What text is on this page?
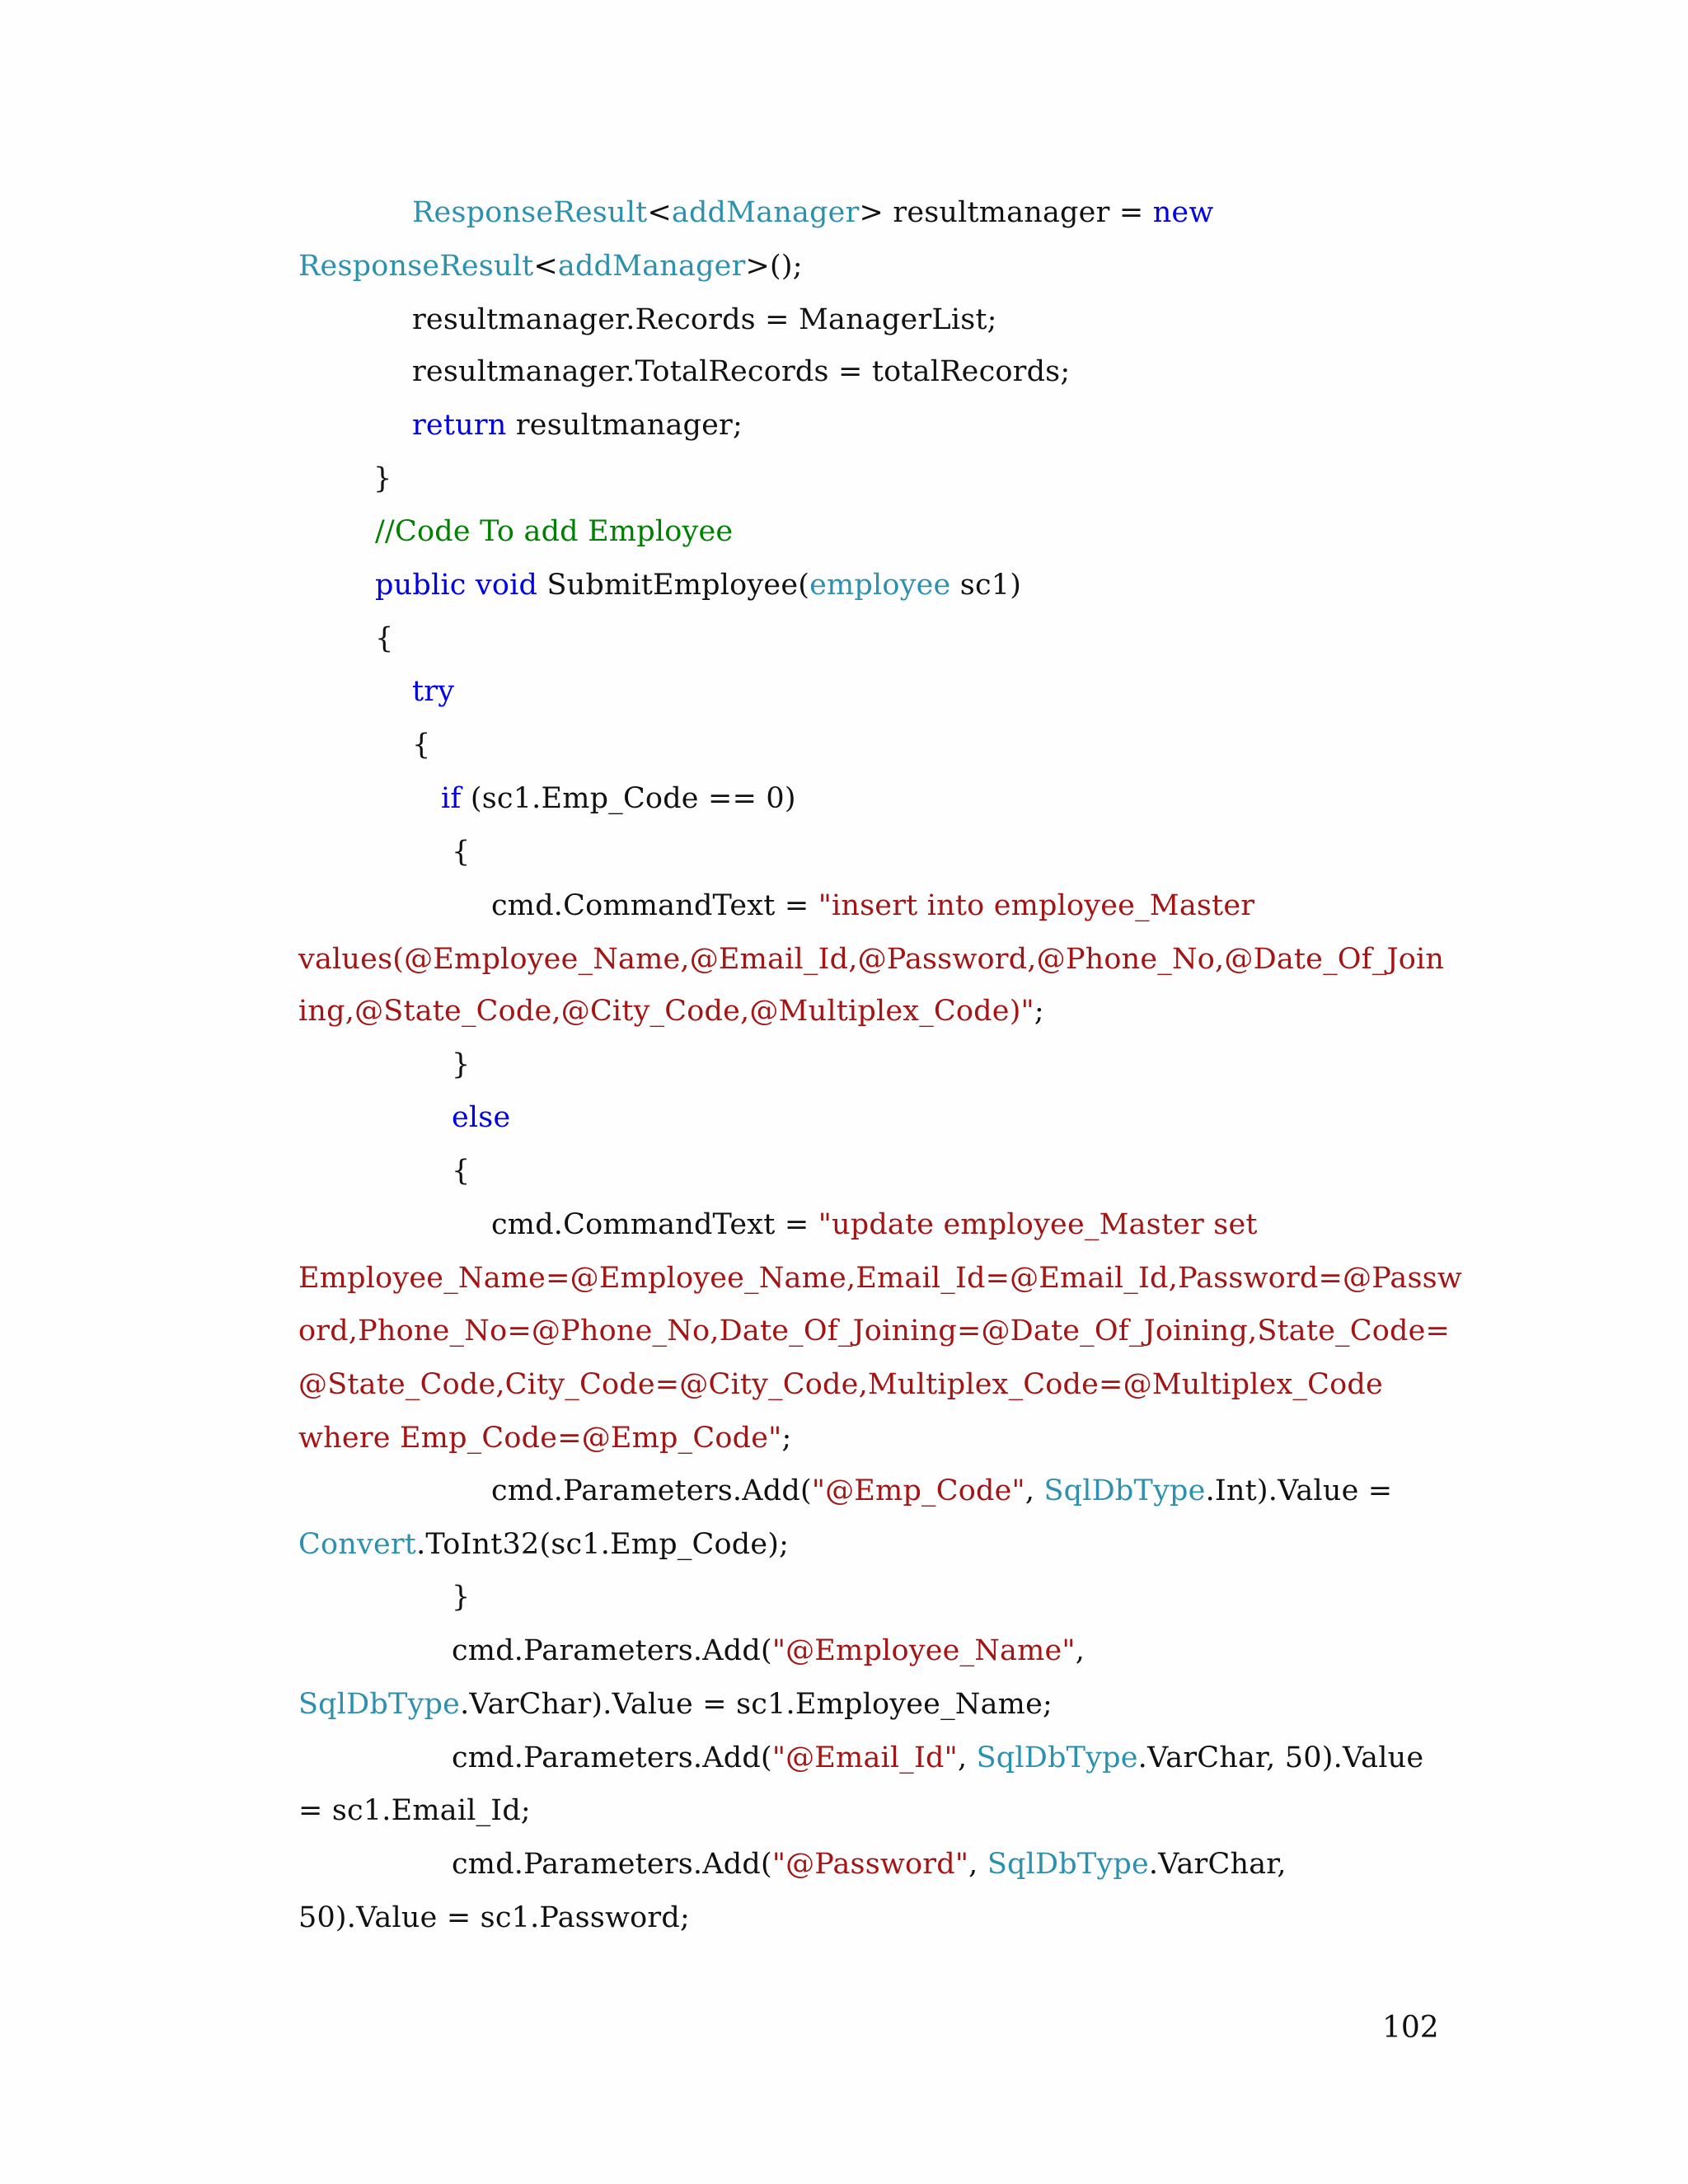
ResponseResult<addManager> resultmanager = new
ResponseResult<addManager>();
resultmanager.Records = ManagerList;
resultmanager.TotalRecords = totalRecords;
return resultmanager;
}
//Code To add Employee
public void SubmitEmployee(employee sc1)
{
try
{
if (sc1.Emp_Code == 0)
{
cmd.CommandText = "insert into employee_Master
values(@Employee_Name,@Email_Id,@Password,@Phone_No,@Date_Of_Join
ing,@State_Code,@City_Code,@Multiplex_Code)";
}
else
{
cmd.CommandText = "update employee_Master set
Employee_Name=@Employee_Name,Email_Id=@Email_Id,Password=@Passw
ord,Phone_No=@Phone_No,Date_Of_Joining=@Date_Of_Joining,State_Code=
@State_Code,City_Code=@City_Code,Multiplex_Code=@Multiplex_Code
where Emp_Code=@Emp_Code";
cmd.Parameters.Add("@Emp_Code", SqlDbType.Int).Value =
Convert.ToInt32(sc1.Emp_Code);
}
cmd.Parameters.Add("@Employee_Name",
SqlDbType.VarChar).Value = sc1.Employee_Name;
cmd.Parameters.Add("@Email_Id", SqlDbType.VarChar, 50).Value
= sc1.Email_Id;
cmd.Parameters.Add("@Password", SqlDbType.VarChar,
50).Value = sc1.Password;
102
